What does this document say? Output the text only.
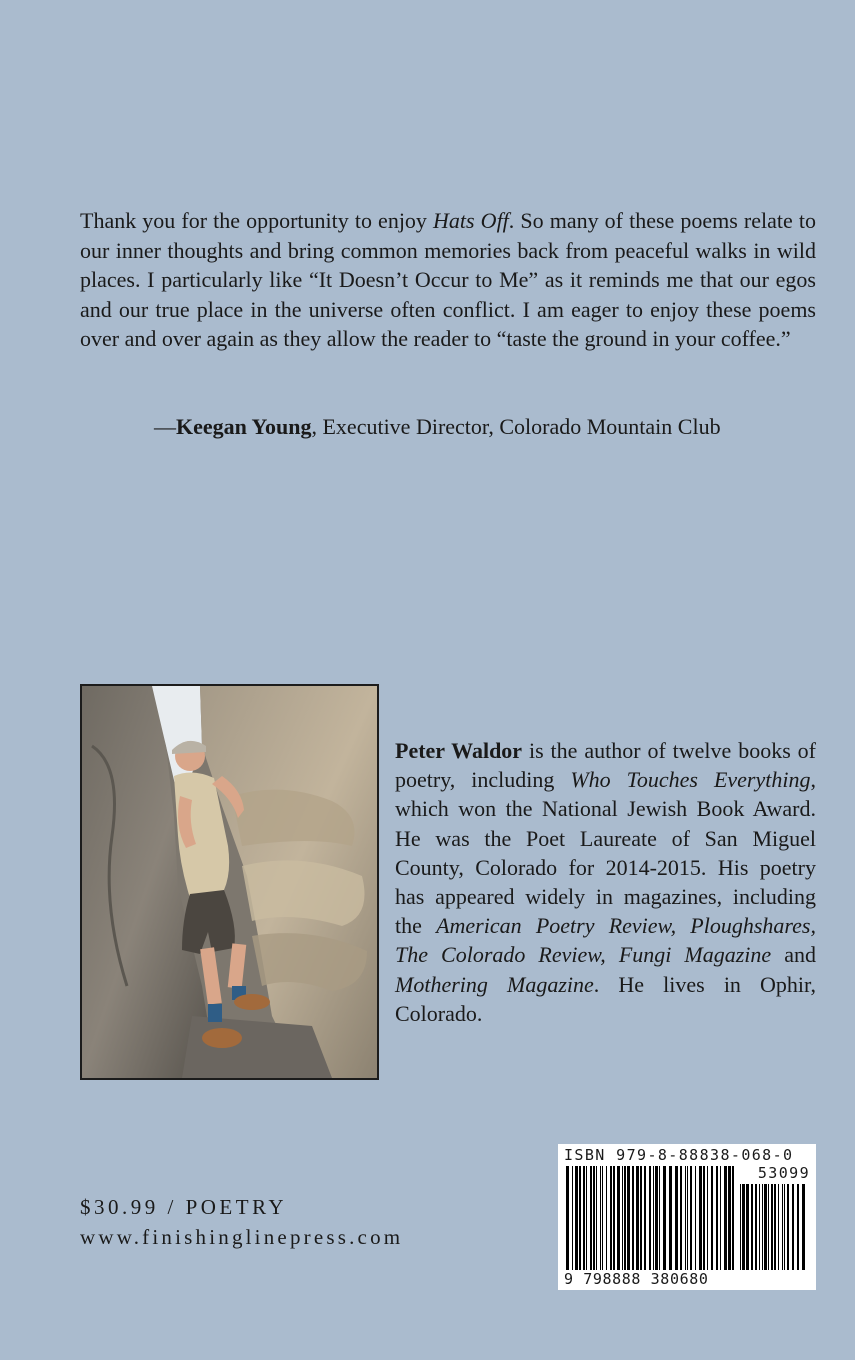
Thank you for the opportunity to enjoy Hats Off. So many of these poems relate to our inner thoughts and bring common memories back from peaceful walks in wild places. I particularly like “It Doesn’t Occur to Me” as it reminds me that our egos and our true place in the universe often conflict. I am eager to enjoy these poems over and over again as they allow the reader to “taste the ground in your coffee.”

—Keegan Young, Executive Director, Colorado Mountain Club

Peter Waldor is the author of twelve books of poetry, including Who Touches Everything, which won the National Jewish Book Award. He was the Poet Laureate of San Miguel County, Colorado for 2014-2015. His poetry has appeared widely in magazines, including the American Poetry Review, Ploughshares, The Colorado Review, Fungi Magazine and Mothering Magazine. He lives in Ophir, Colorado.

$30.99 / POETRY

www.finishinglinepress.com

ISBN 979-8-88838-068-0
53099
9 798888 380680
